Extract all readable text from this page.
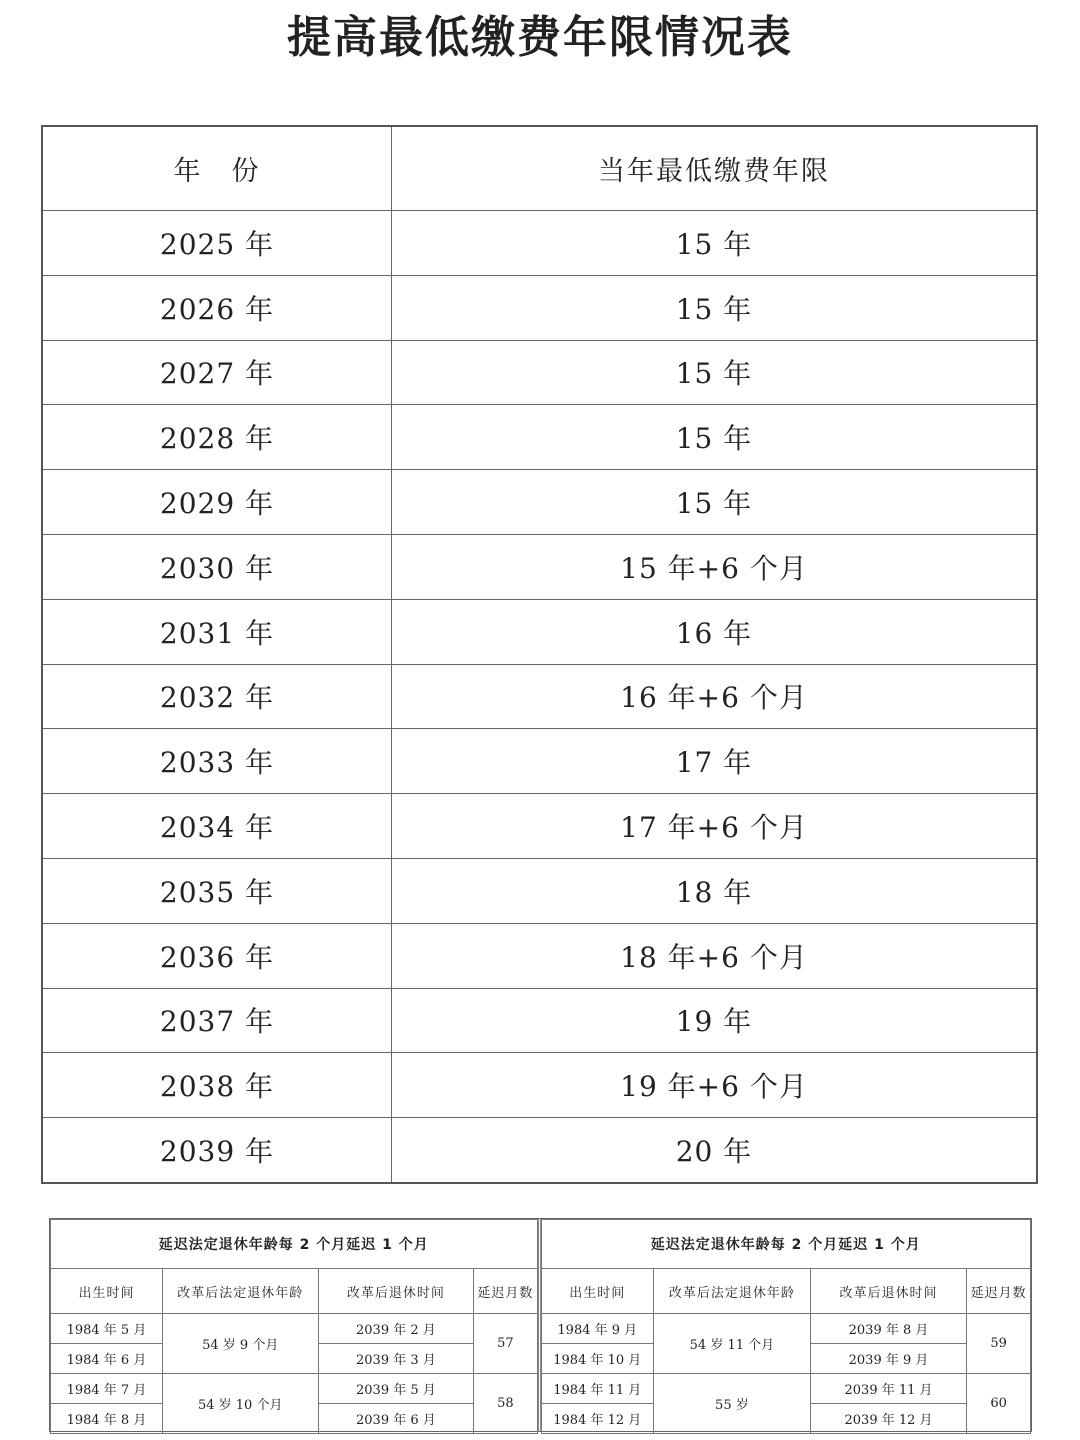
提高最低缴费年限情况表
年　份	当年最低缴费年限
2025 年	15 年
2026 年	15 年
2027 年	15 年
2028 年	15 年
2029 年	15 年
2030 年	15 年+6 个月
2031 年	16 年
2032 年	16 年+6 个月
2033 年	17 年
2034 年	17 年+6 个月
2035 年	18 年
2036 年	18 年+6 个月
2037 年	19 年
2038 年	19 年+6 个月
2039 年	20 年
延迟法定退休年龄每 2 个月延迟 1 个月			
出生时间	改革后法定退休年龄	改革后退休时间	延迟月数
1984 年 5 月	54 岁 9 个月	2039 年 2 月	57
1984 年 6 月		2039 年 3 月	
1984 年 7 月	54 岁 10 个月	2039 年 5 月	58
1984 年 8 月		2039 年 6 月	
延迟法定退休年龄每 2 个月延迟 1 个月			
出生时间	改革后法定退休年龄	改革后退休时间	延迟月数
1984 年 9 月	54 岁 11 个月	2039 年 8 月	59
1984 年 10 月		2039 年 9 月	
1984 年 11 月	55 岁	2039 年 11 月	60
1984 年 12 月		2039 年 12 月	
